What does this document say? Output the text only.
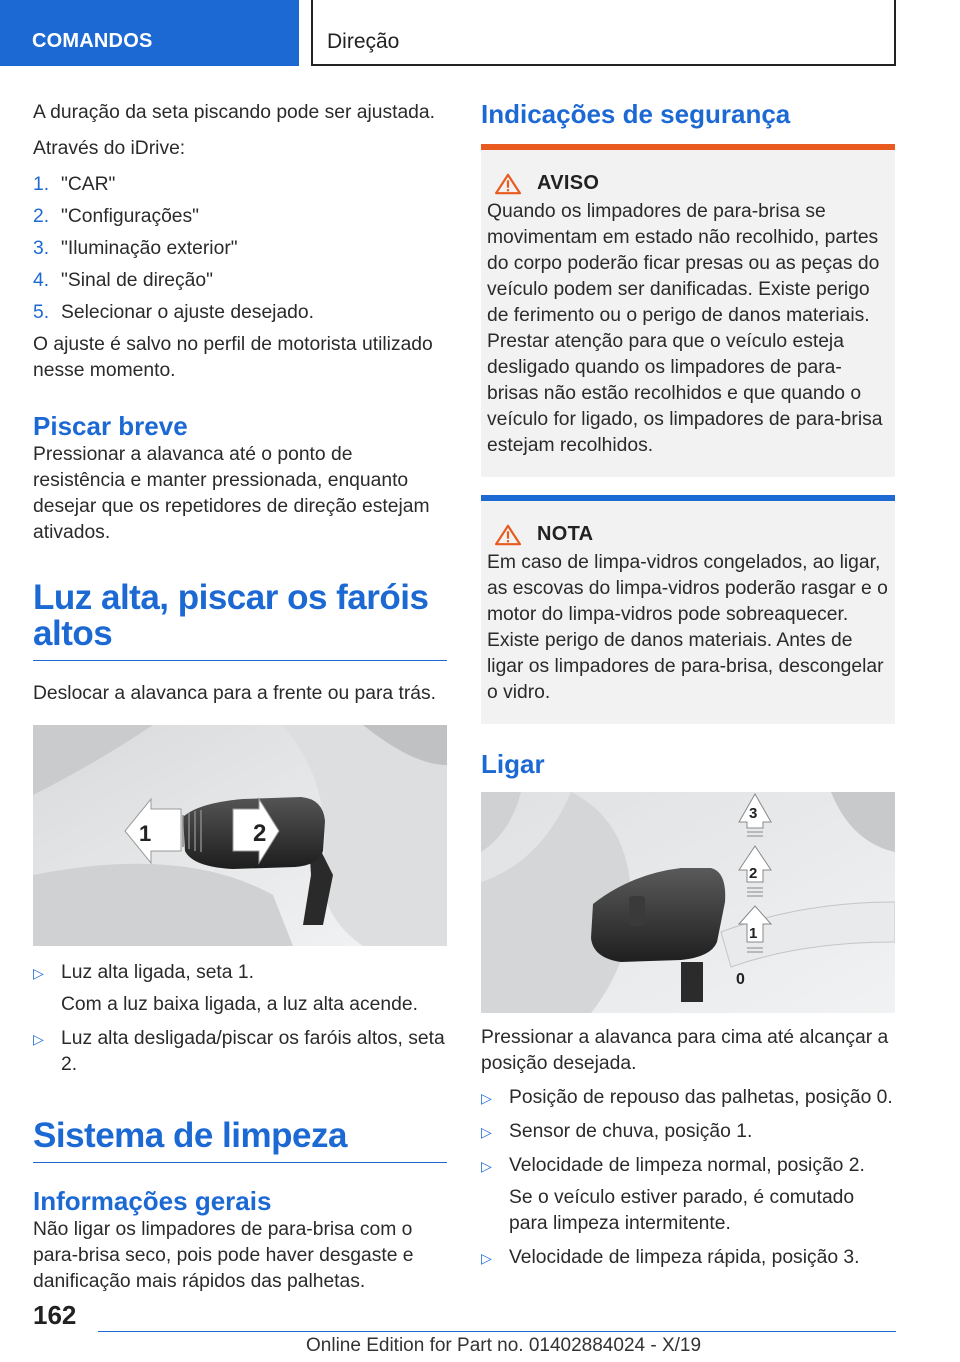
COMANDOS	Direção

A duração da seta piscando pode ser ajustada.

Através do iDrive:

1. "CAR"
2. "Configurações"
3. "Iluminação exterior"
4. "Sinal de direção"
5. Selecionar o ajuste desejado.

O ajuste é salvo no perfil de motorista utilizado nesse momento.

Piscar breve

Pressionar a alavanca até o ponto de resistência e manter pressionada, enquanto desejar que os repetidores de direção estejam ativados.

Luz alta, piscar os faróis altos

Deslocar a alavanca para a frente ou para trás.

2
1
▷ Luz alta ligada, seta 1.

Com a luz baixa ligada, a luz alta acende.

▷ Luz alta desligada/piscar os faróis altos, seta 2.
Sistema de limpeza
Informações gerais

Não ligar os limpadores de para-brisa com o para-brisa seco, pois pode haver desgaste e danificação mais rápidos das palhetas.

Indicações de segurança
AVISO

Quando os limpadores de para-brisa se movimentam em estado não recolhido, partes do corpo poderão ficar presas ou as peças do veículo podem ser danificadas. Existe perigo de ferimento ou o perigo de danos materiais. Prestar atenção para que o veículo esteja desligado quando os limpadores de para-brisas não estão recolhidos e que quando o veículo for ligado, os limpadores de para-brisa estejam recolhidos.

NOTA

Em caso de limpa-vidros congelados, ao ligar, as escovas do limpa-vidros poderão rasgar e o motor do limpa-vidros pode sobreaquecer. Existe perigo de danos materiais. Antes de ligar os limpadores de para-brisa, descongelar o vidro.

Ligar
3
2
1
0

Pressionar a alavanca para cima até alcançar a posição desejada.

▷ Posição de repouso das palhetas, posição 0.
▷ Sensor de chuva, posição 1.
▷ Velocidade de limpeza normal, posição 2.

Se o veículo estiver parado, é comutado para limpeza intermitente.

▷ Velocidade de limpeza rápida, posição 3.
162
Online Edition for Part no. 01402884024 - X/19
